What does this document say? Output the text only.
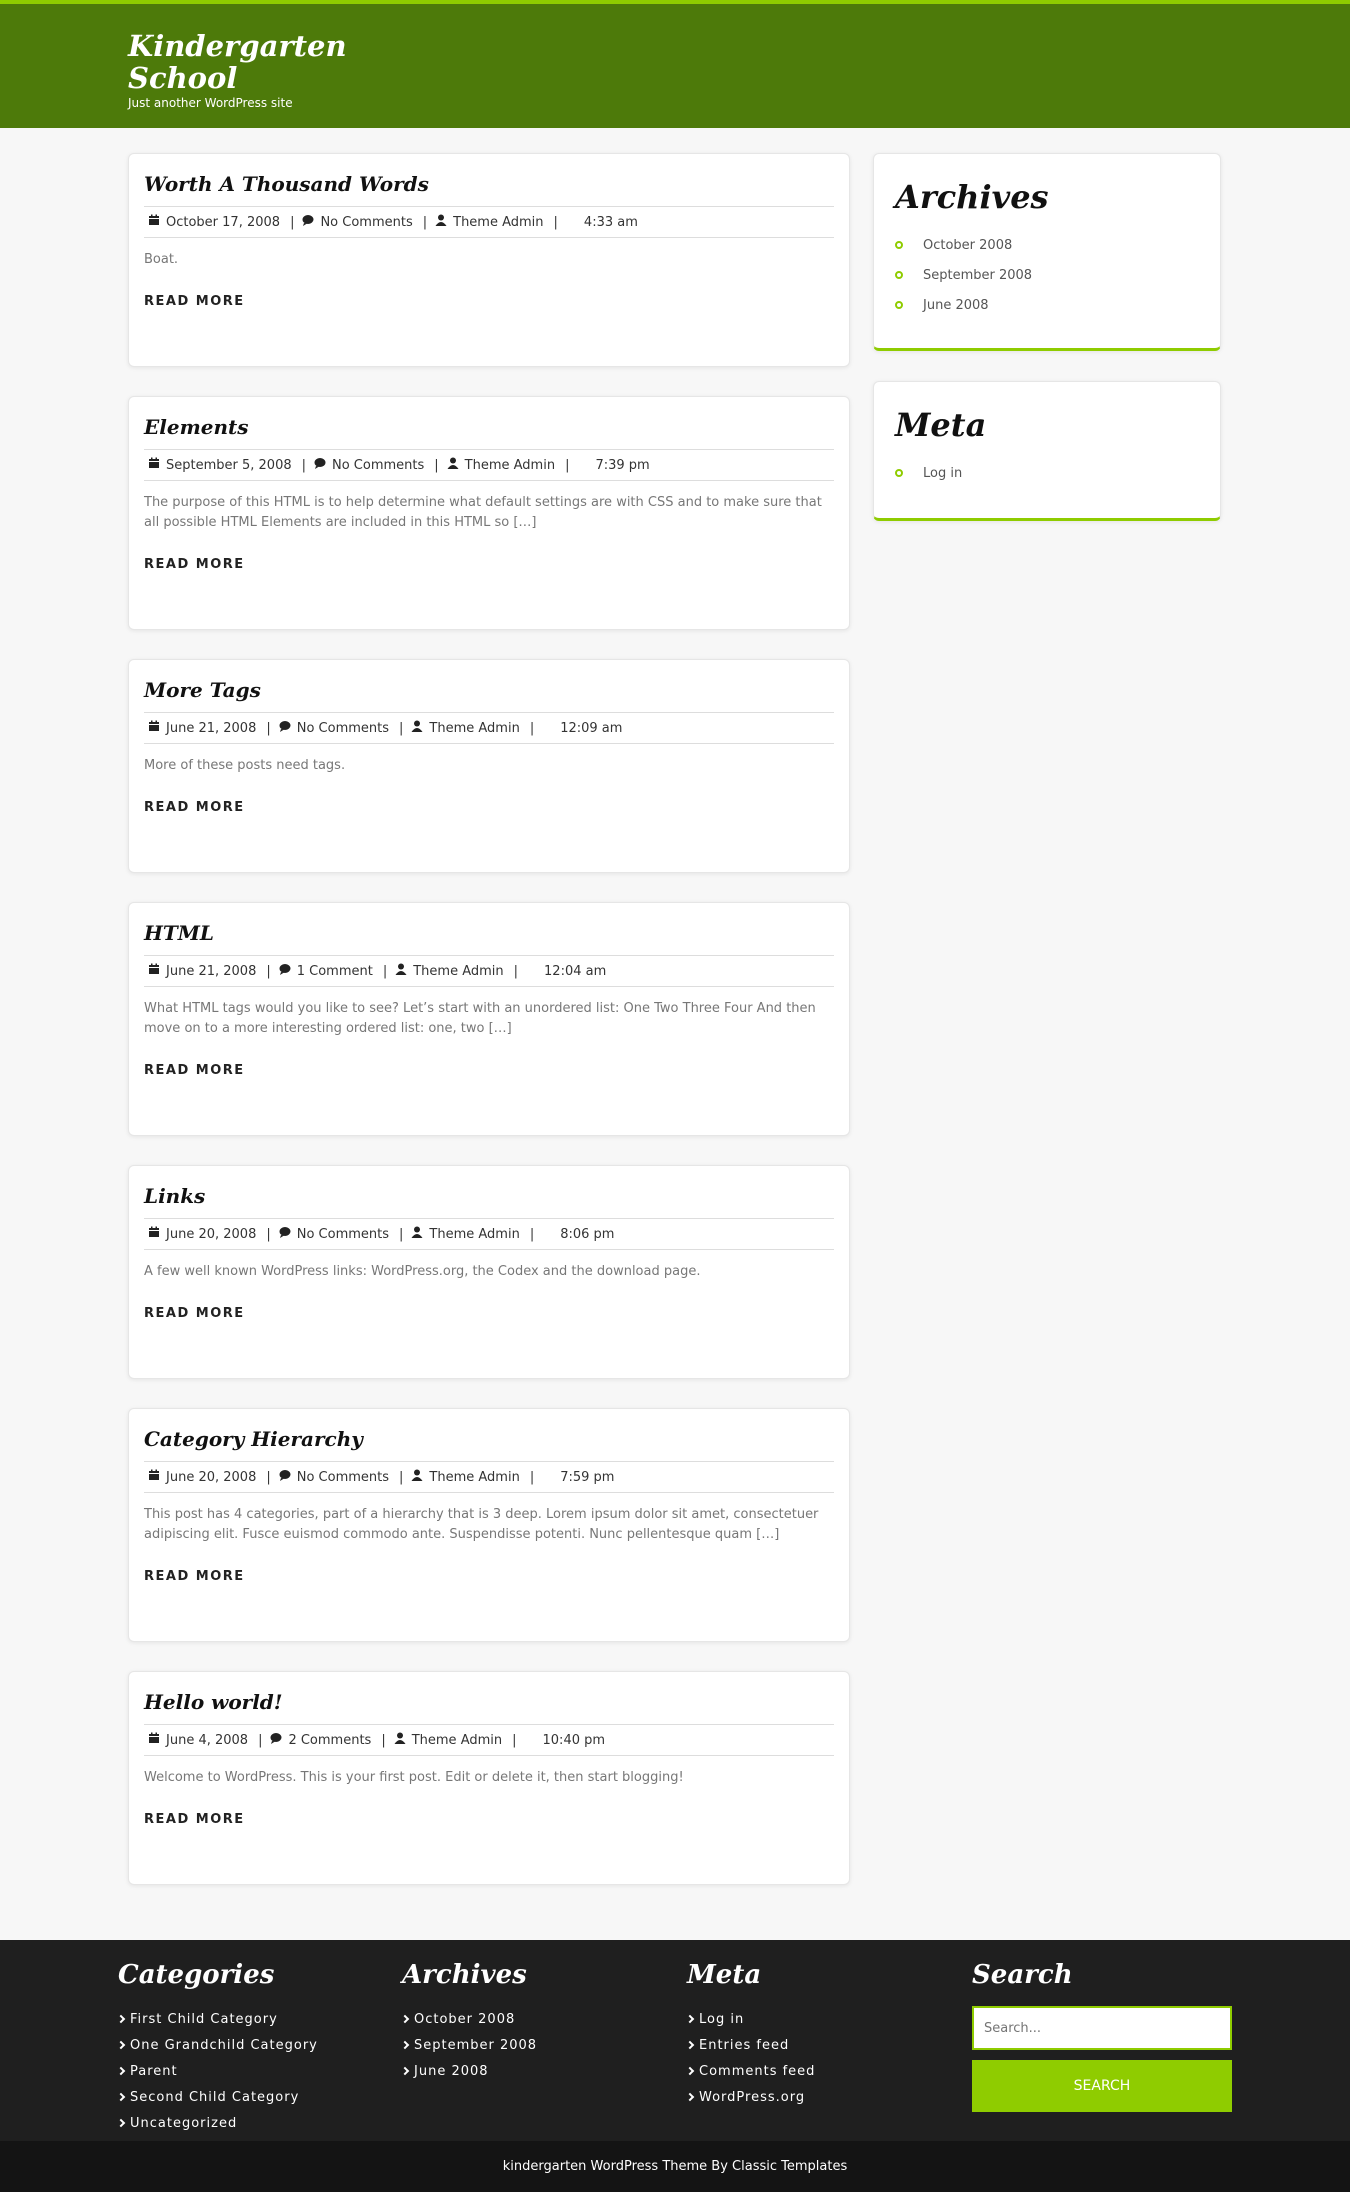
Kindergarten School
Just another WordPress site
Worth A Thousand Words
October 17, 2008 | No Comments | Theme Admin | 4:33 am

Boat.

READ MORE
Elements
September 5, 2008 | No Comments | Theme Admin | 7:39 pm

The purpose of this HTML is to help determine what default settings are with CSS and to make sure that all possible HTML Elements are included in this HTML so […]

READ MORE
More Tags
June 21, 2008 | No Comments | Theme Admin | 12:09 am

More of these posts need tags.

READ MORE
HTML
June 21, 2008 | 1 Comment | Theme Admin | 12:04 am

What HTML tags would you like to see? Let’s start with an unordered list: One Two Three Four And then move on to a more interesting ordered list: one, two […]

READ MORE
Links
June 20, 2008 | No Comments | Theme Admin | 8:06 pm

A few well known WordPress links: WordPress.org, the Codex and the download page.

READ MORE
Category Hierarchy
June 20, 2008 | No Comments | Theme Admin | 7:59 pm

This post has 4 categories, part of a hierarchy that is 3 deep. Lorem ipsum dolor sit amet, consectetuer adipiscing elit. Fusce euismod commodo ante. Suspendisse potenti. Nunc pellentesque quam […]

READ MORE
Hello world!
June 4, 2008 | 2 Comments | Theme Admin | 10:40 pm

Welcome to WordPress. This is your first post. Edit or delete it, then start blogging!

READ MORE
Archives
October 2008
September 2008
June 2008
Meta
Log in
Categories
First Child Category
One Grandchild Category
Parent
Second Child Category
Uncategorized
Archives
October 2008
September 2008
June 2008
Meta
Log in
Entries feed
Comments feed
WordPress.org
Search
Search... SEARCH
kindergarten WordPress Theme By Classic Templates
